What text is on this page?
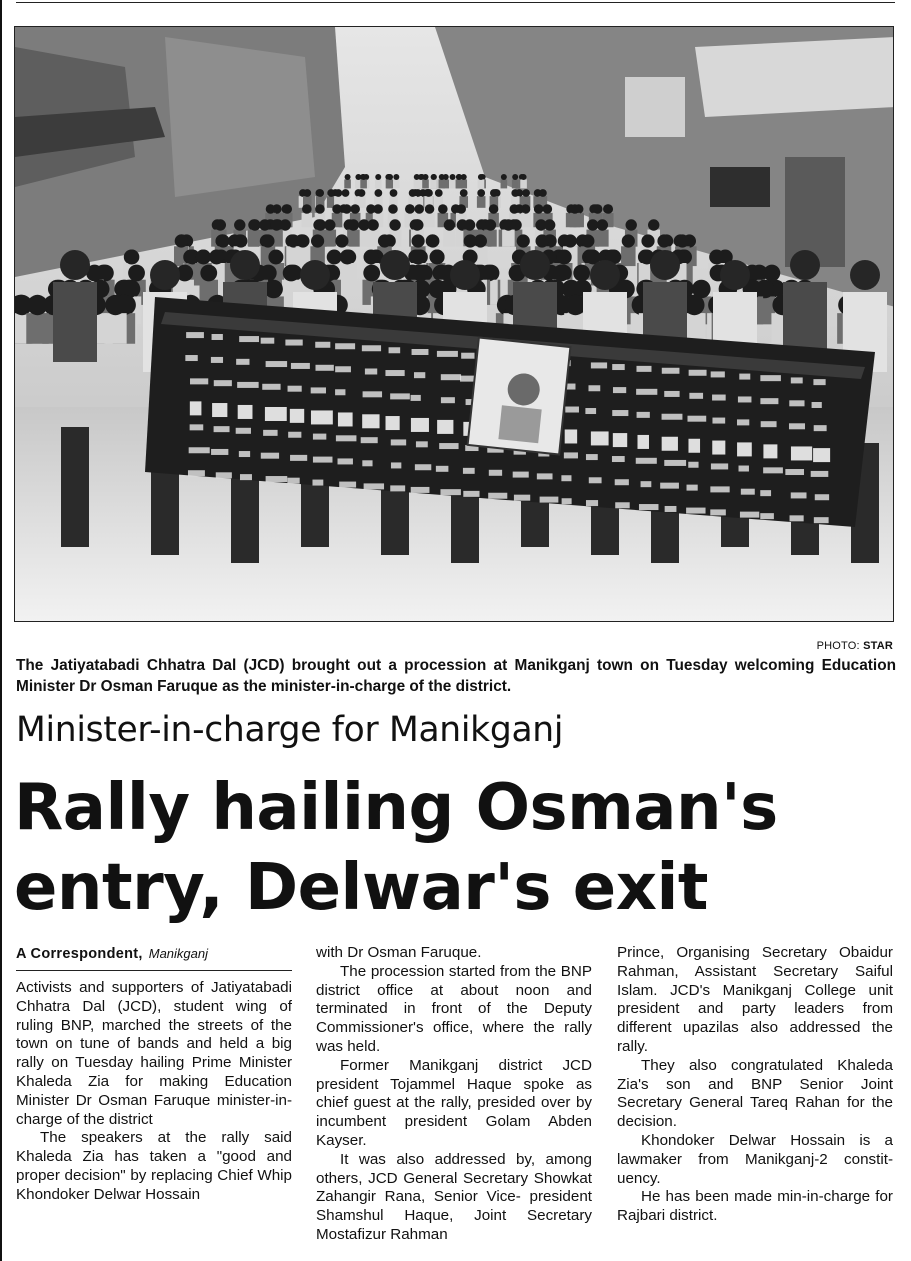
PHOTO: STAR

The Jatiyatabadi Chhatra Dal (JCD) brought out a procession at Manikganj town on Tuesday welcoming Education Minister Dr Osman Faruque as the minister-in-charge of the district.

Minister-in-charge for Manikganj
Rally hailing Osman's
entry, Delwar's exit
A Correspondent, Manikganj

Activists and supporters of Jatiyatabadi Chhatra Dal (JCD), student wing of ruling BNP, marched the streets of the town on tune of bands and held a big rally on Tuesday hailing Prime Minister Khaleda Zia for making Education Minister Dr Osman Faruque minister-in-charge of the district

The speakers at the rally said Khaleda Zia has taken a "good and proper decision" by replacing Chief Whip Khondoker Delwar Hossain

with Dr Osman Faruque.

The procession started from the BNP district office at about noon and terminated in front of the Deputy Commissioner's office, where the rally was held.

Former Manikganj district JCD president Tojammel Haque spoke as chief guest at the rally, presided over by incumbent president Golam Abden Kayser.

It was also addressed by, among others, JCD General Secretary Showkat Zahangir Rana, Senior Vice- president Shamshul Haque, Joint Secretary Mostafizur Rahman

Prince, Organising Secretary Obaidur Rahman, Assistant Secretary Saiful Islam. JCD's Manikganj College unit president and party leaders from different upazilas also addressed the rally.

They also congratulated Khaleda Zia's son and BNP Senior Joint Secretary General Tareq Rahan for the decision.

Khondoker Delwar Hossain is a lawmaker from Manikganj-2 constituency.

He has been made min-in-charge for Rajbari district.
